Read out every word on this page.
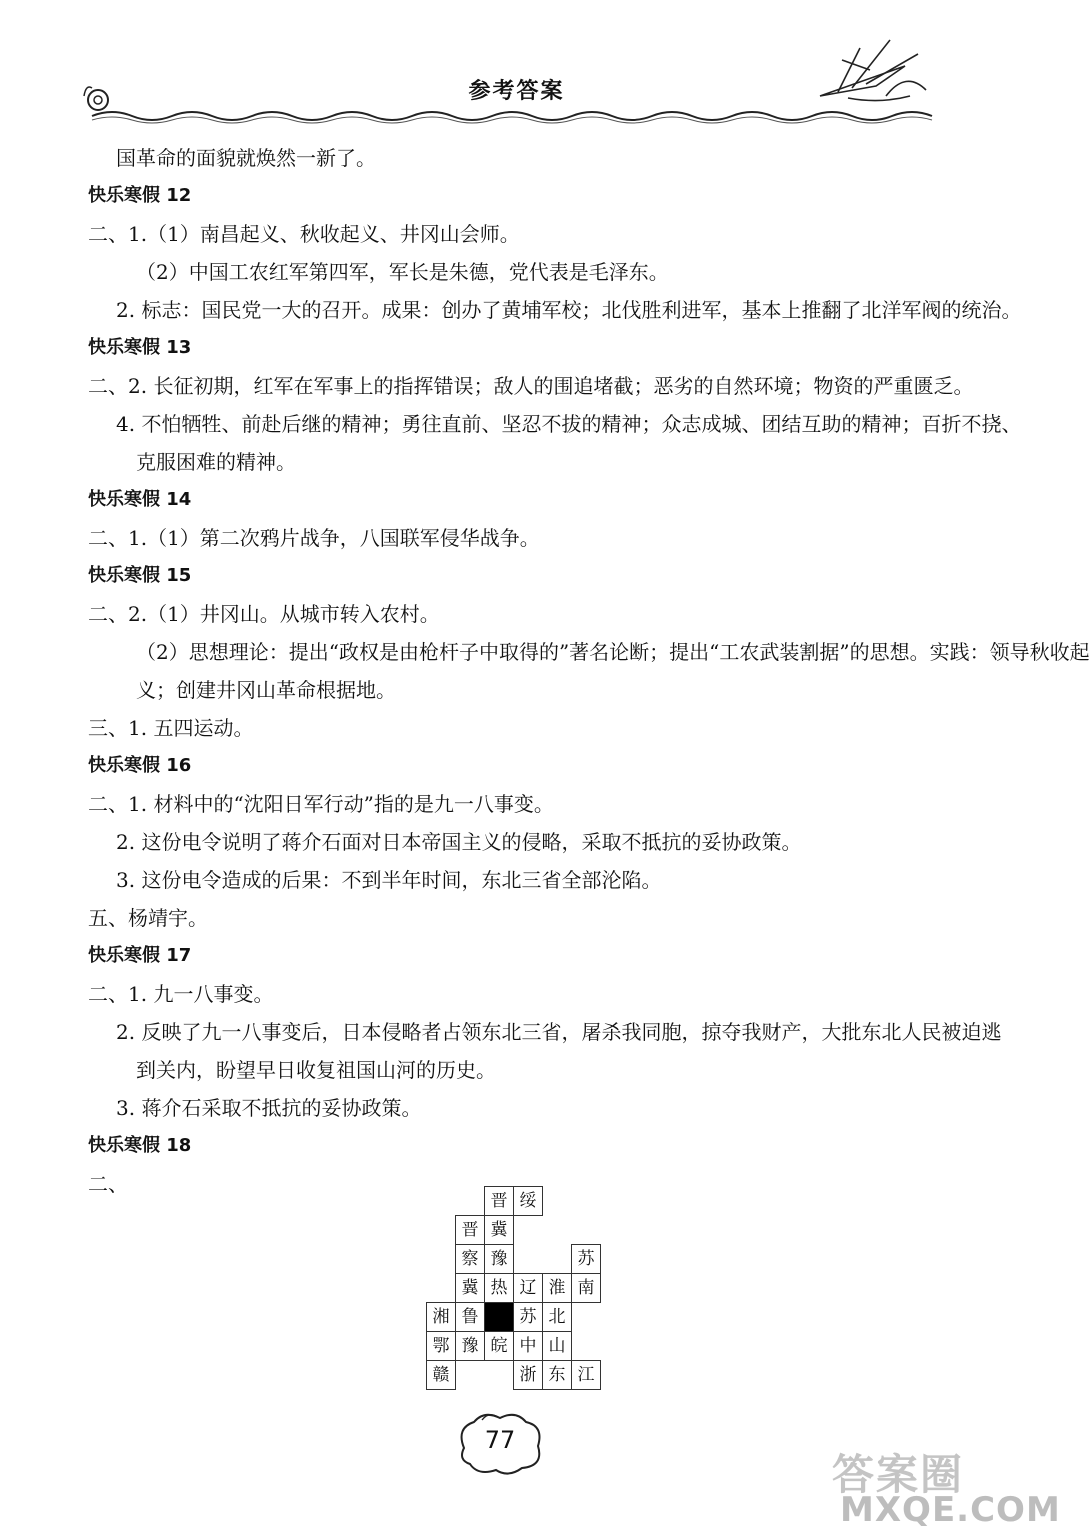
参考答案
国革命的面貌就焕然一新了。
快乐寒假 12
二、1.（1）南昌起义、秋收起义、井冈山会师。
（2）中国工农红军第四军，军长是朱德，党代表是毛泽东。
2. 标志：国民党一大的召开。成果：创办了黄埔军校；北伐胜利进军，基本上推翻了北洋军阀的统治。
快乐寒假 13
二、2. 长征初期，红军在军事上的指挥错误；敌人的围追堵截；恶劣的自然环境；物资的严重匮乏。
4. 不怕牺牲、前赴后继的精神；勇往直前、坚忍不拔的精神；众志成城、团结互助的精神；百折不挠、
克服困难的精神。
快乐寒假 14
二、1.（1）第二次鸦片战争，八国联军侵华战争。
快乐寒假 15
二、2.（1）井冈山。从城市转入农村。
（2）思想理论：提出“政权是由枪杆子中取得的”著名论断；提出“工农武装割据”的思想。实践：领导秋收起
义；创建井冈山革命根据地。
三、1. 五四运动。
快乐寒假 16
二、1. 材料中的“沈阳日军行动”指的是九一八事变。
2. 这份电令说明了蒋介石面对日本帝国主义的侵略，采取不抵抗的妥协政策。
3. 这份电令造成的后果：不到半年时间，东北三省全部沦陷。
五、杨靖宇。
快乐寒假 17
二、1. 九一八事变。
2. 反映了九一八事变后，日本侵略者占领东北三省，屠杀我同胞，掠夺我财产，大批东北人民被迫逃
到关内，盼望早日收复祖国山河的历史。
3. 蒋介石采取不抵抗的妥协政策。
快乐寒假 18
二、
晋 绥
晋 冀
察 豫	苏
冀 热 辽 淮 南
湘 鲁	苏 北
鄂 豫 皖 中 山
赣	浙 东 江
77
答案圈
MXQE.COM
